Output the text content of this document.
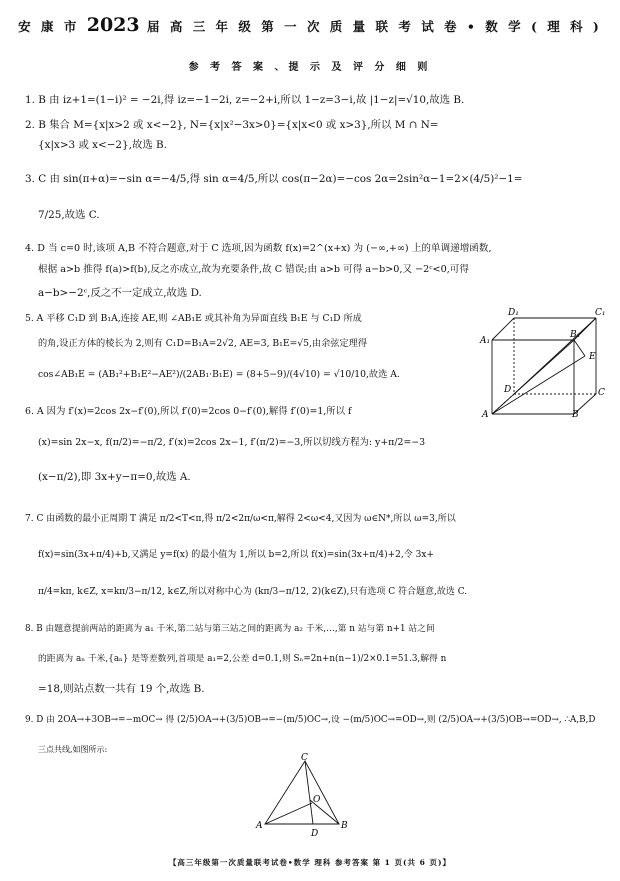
安 康 市 2023 届 高 三 年 级 第 一 次 质 量 联 考 试 卷 • 数 学 ( 理 科 )
参 考 答 案 、提 示 及 评 分 细 则
1. B 由 iz+1=(1−i)² = −2i,得 iz=−1−2i, z=−2+i,所以 1−z=3−i,故 |1−z|=√10,故选 B.
2. B 集合 M={x|x>2 或 x<−2}, N={x|x²−3x>0}={x|x<0 或 x>3},所以 M ∩ N=
{x|x>3 或 x<−2},故选 B.
3. C 由 sin(π+α)=−sin α=−4/5,得 sin α=4/5,所以 cos(π−2α)=−cos 2α=2sin²α−1=2×(4/5)²−1=
7/25,故选 C.
4. D 当 c=0 时,该项 A,B 不符合题意,对于 C 选项,因为函数 f(x)=2^(x+x) 为 (−∞,+∞) 上的单调递增函数,
根据 a>b 推得 f(a)>f(b),反之亦成立,故为充要条件,故 C 错误;由 a>b 可得 a−b>0,又 −2ᶜ<0,可得
a−b>−2ᶜ,反之不一定成立,故选 D.
5. A 平移 C₁D 到 B₁A,连接 AE,则 ∠AB₁E 或其补角为异面直线 B₁E 与 C₁D 所成
的角,设正方体的棱长为 2,则有 C₁D=B₁A=2√2, AE=3, B₁E=√5,由余弦定理得
cos∠AB₁E = (AB₁²+B₁E²−AE²)/(2AB₁·B₁E) = (8+5−9)/(4√10) = √10/10,故选 A.
6. A 因为 f′(x)=2cos 2x−f′(0),所以 f′(0)=2cos 0−f′(0),解得 f′(0)=1,所以 f
(x)=sin 2x−x, f(π/2)=−π/2, f′(x)=2cos 2x−1, f′(π/2)=−3,所以切线方程为: y+π/2=−3
(x−π/2),即 3x+y−π=0,故选 A.
7. C 由函数的最小正周期 T 满足 π/2<T<π,得 π/2<2π/ω<π,解得 2<ω<4,又因为 ω∈N*,所以 ω=3,所以
f(x)=sin(3x+π/4)+b,又满足 y=f(x) 的最小值为 1,所以 b=2,所以 f(x)=sin(3x+π/4)+2,令 3x+
π/4=kπ, k∈Z, x=kπ/3−π/12, k∈Z,所以对称中心为 (kπ/3−π/12, 2)(k∈Z),只有选项 C 符合题意,故选 C.
8. B 由题意提前两站的距离为 a₁ 千米,第二站与第三站之间的距离为 a₂ 千米,…,第 n 站与第 n+1 站之间
的距离为 aₙ 千米,{aₙ} 是等差数列,首项是 a₁=2,公差 d=0.1,则 Sₙ=2n+n(n−1)/2×0.1=51.3,解得 n
=18,则站点数一共有 19 个,故选 B.
9. D 由 2OA→+3OB→=−mOC→ 得 (2/5)OA→+(3/5)OB→=−(m/5)OC→,设 −(m/5)OC→=OD→,则 (2/5)OA→+(3/5)OB→=OD→, ∴A,B,D
三点共线,如图所示:
D₁	C₁
A₁
B₁
E
D	C
A	B
C
O
A
D
B
【高三年级第一次质量联考试卷•数学 理科 参考答案 第 1 页(共 6 页)】
